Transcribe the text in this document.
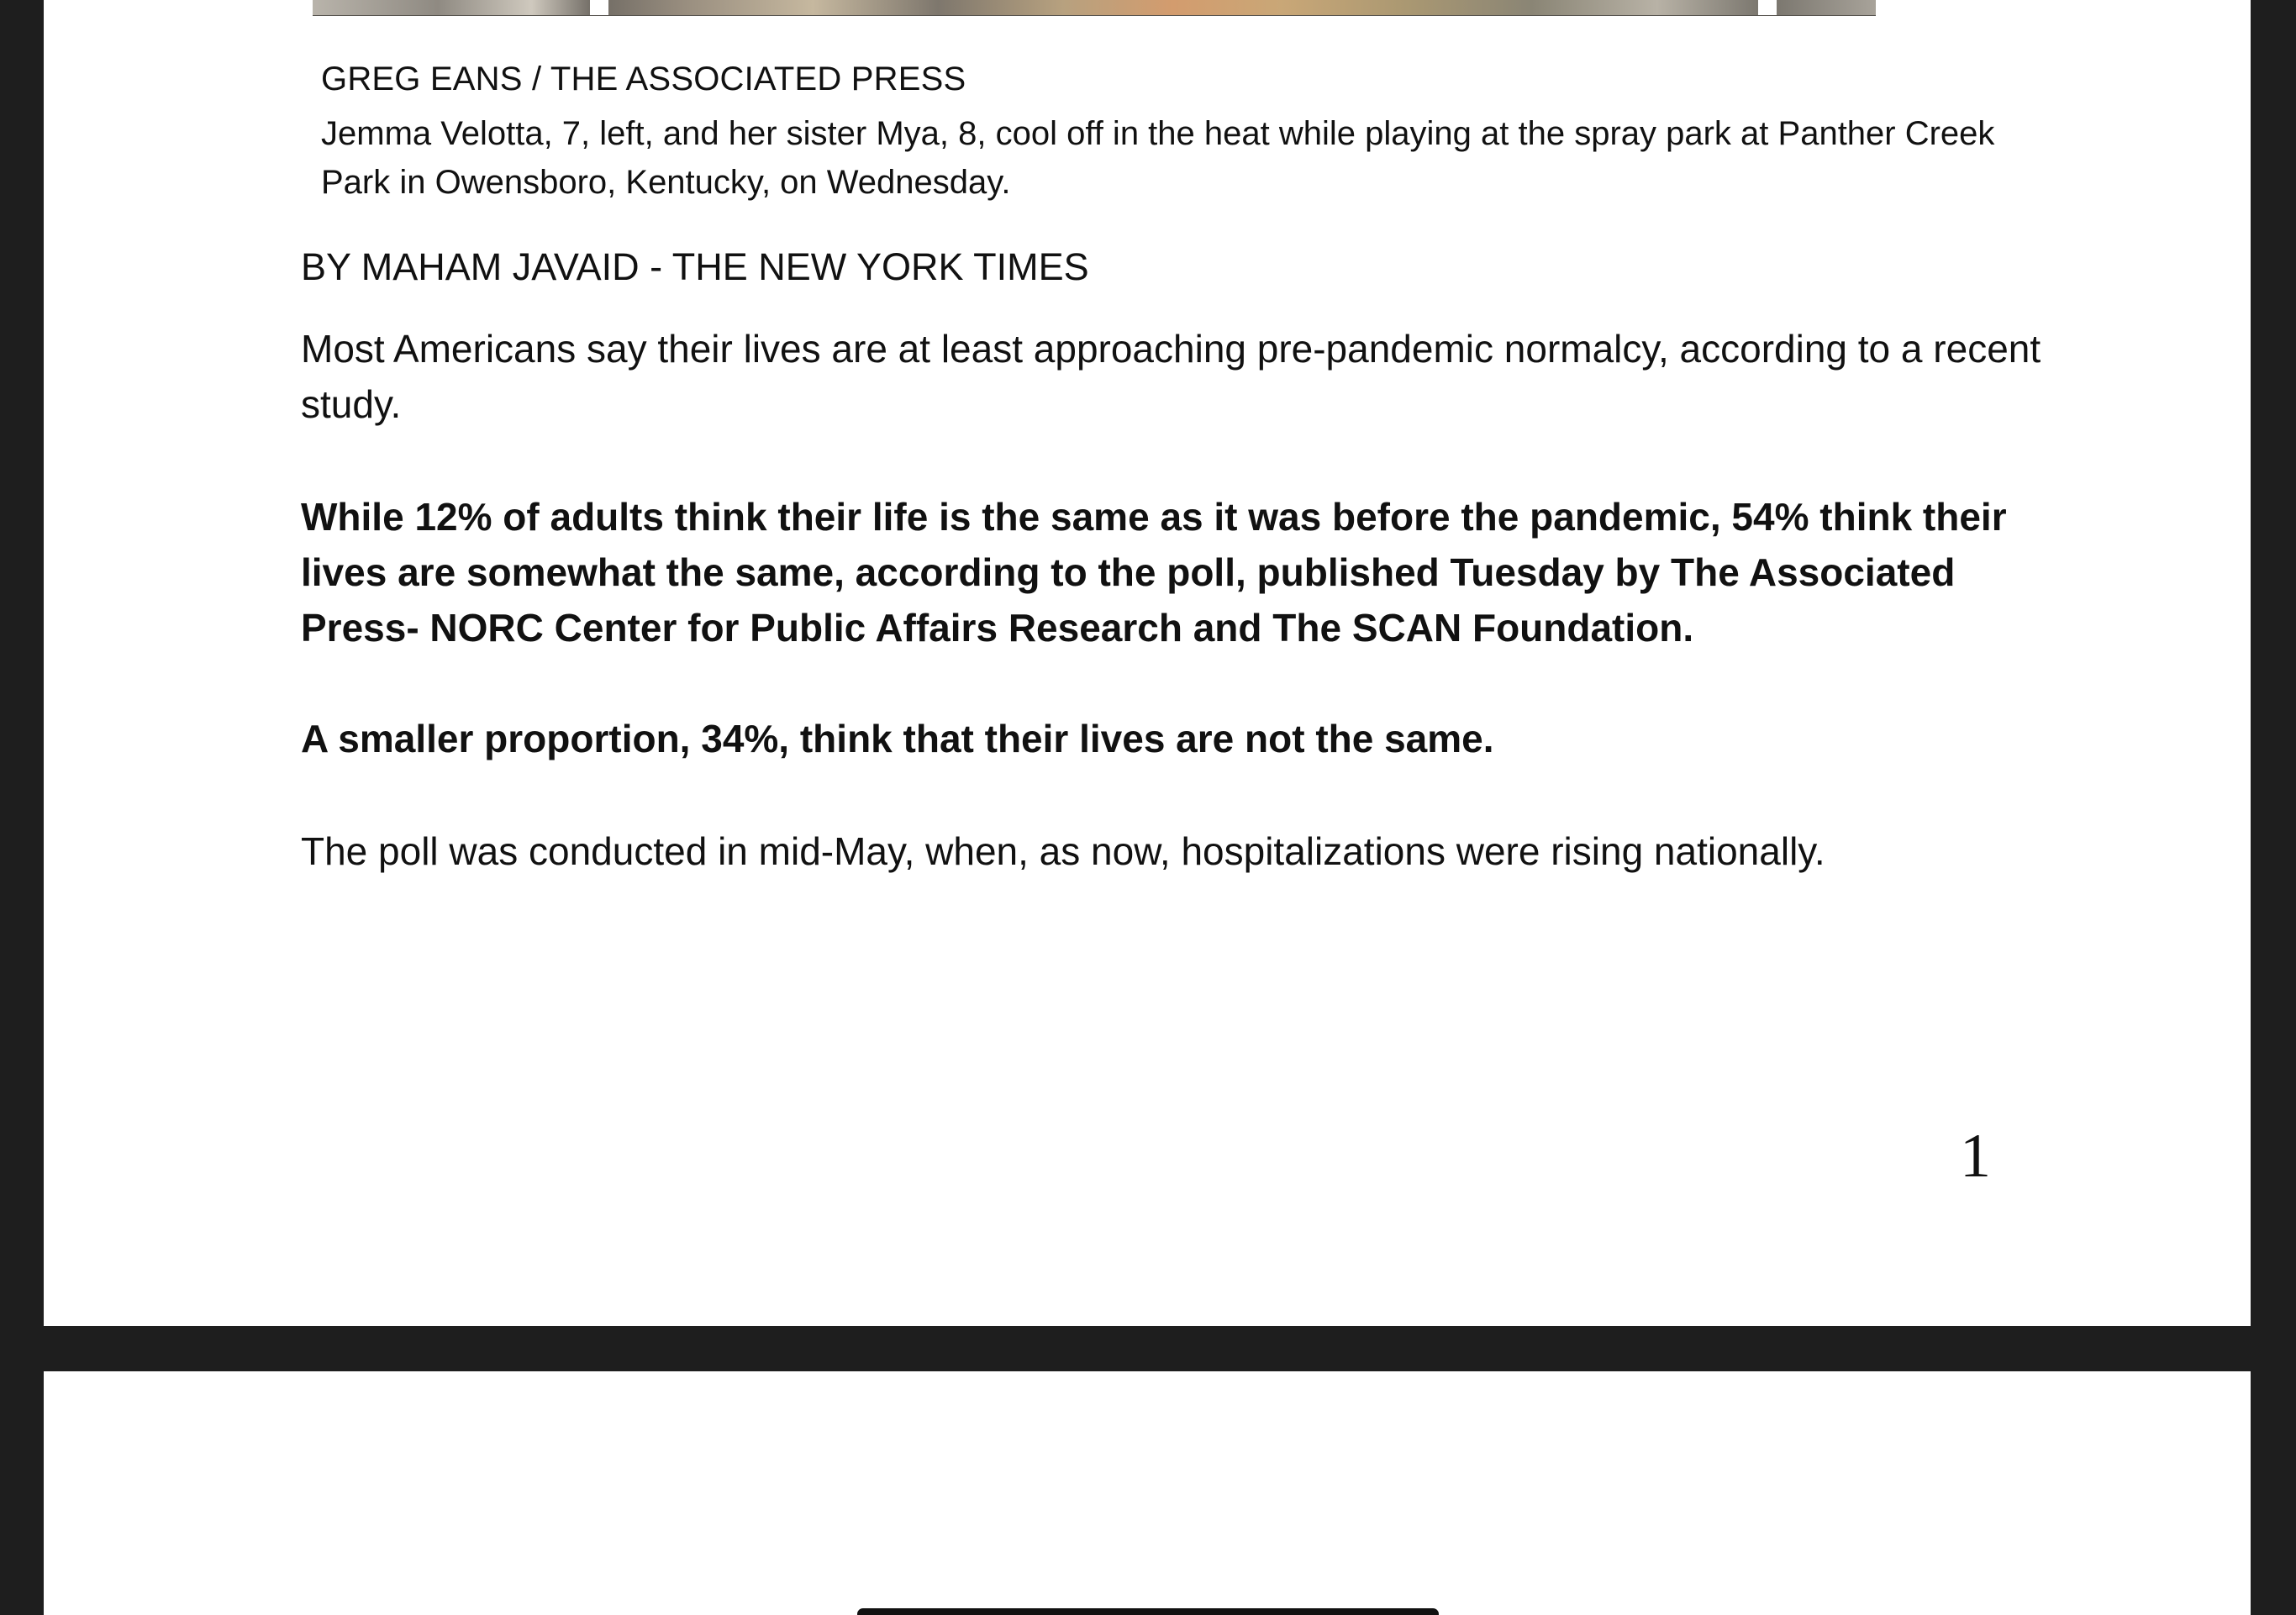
GREG EANS / THE ASSOCIATED PRESS

Jemma Velotta, 7, left, and her sister Mya, 8, cool off in the heat while playing at the spray park at Panther Creek Park in Owensboro, Kentucky, on Wednesday.

BY MAHAM JAVAID - THE NEW YORK TIMES

Most Americans say their lives are at least approaching pre-pandemic normalcy, according to a recent study.

While 12% of adults think their life is the same as it was before the pandemic, 54% think their lives are somewhat the same, according to the poll, published Tuesday by The Associated Press- NORC Center for Public Affairs Research and The SCAN Foundation.

A smaller proportion, 34%, think that their lives are not the same.

The poll was conducted in mid-May, when, as now, hospitalizations were rising nationally.

1
